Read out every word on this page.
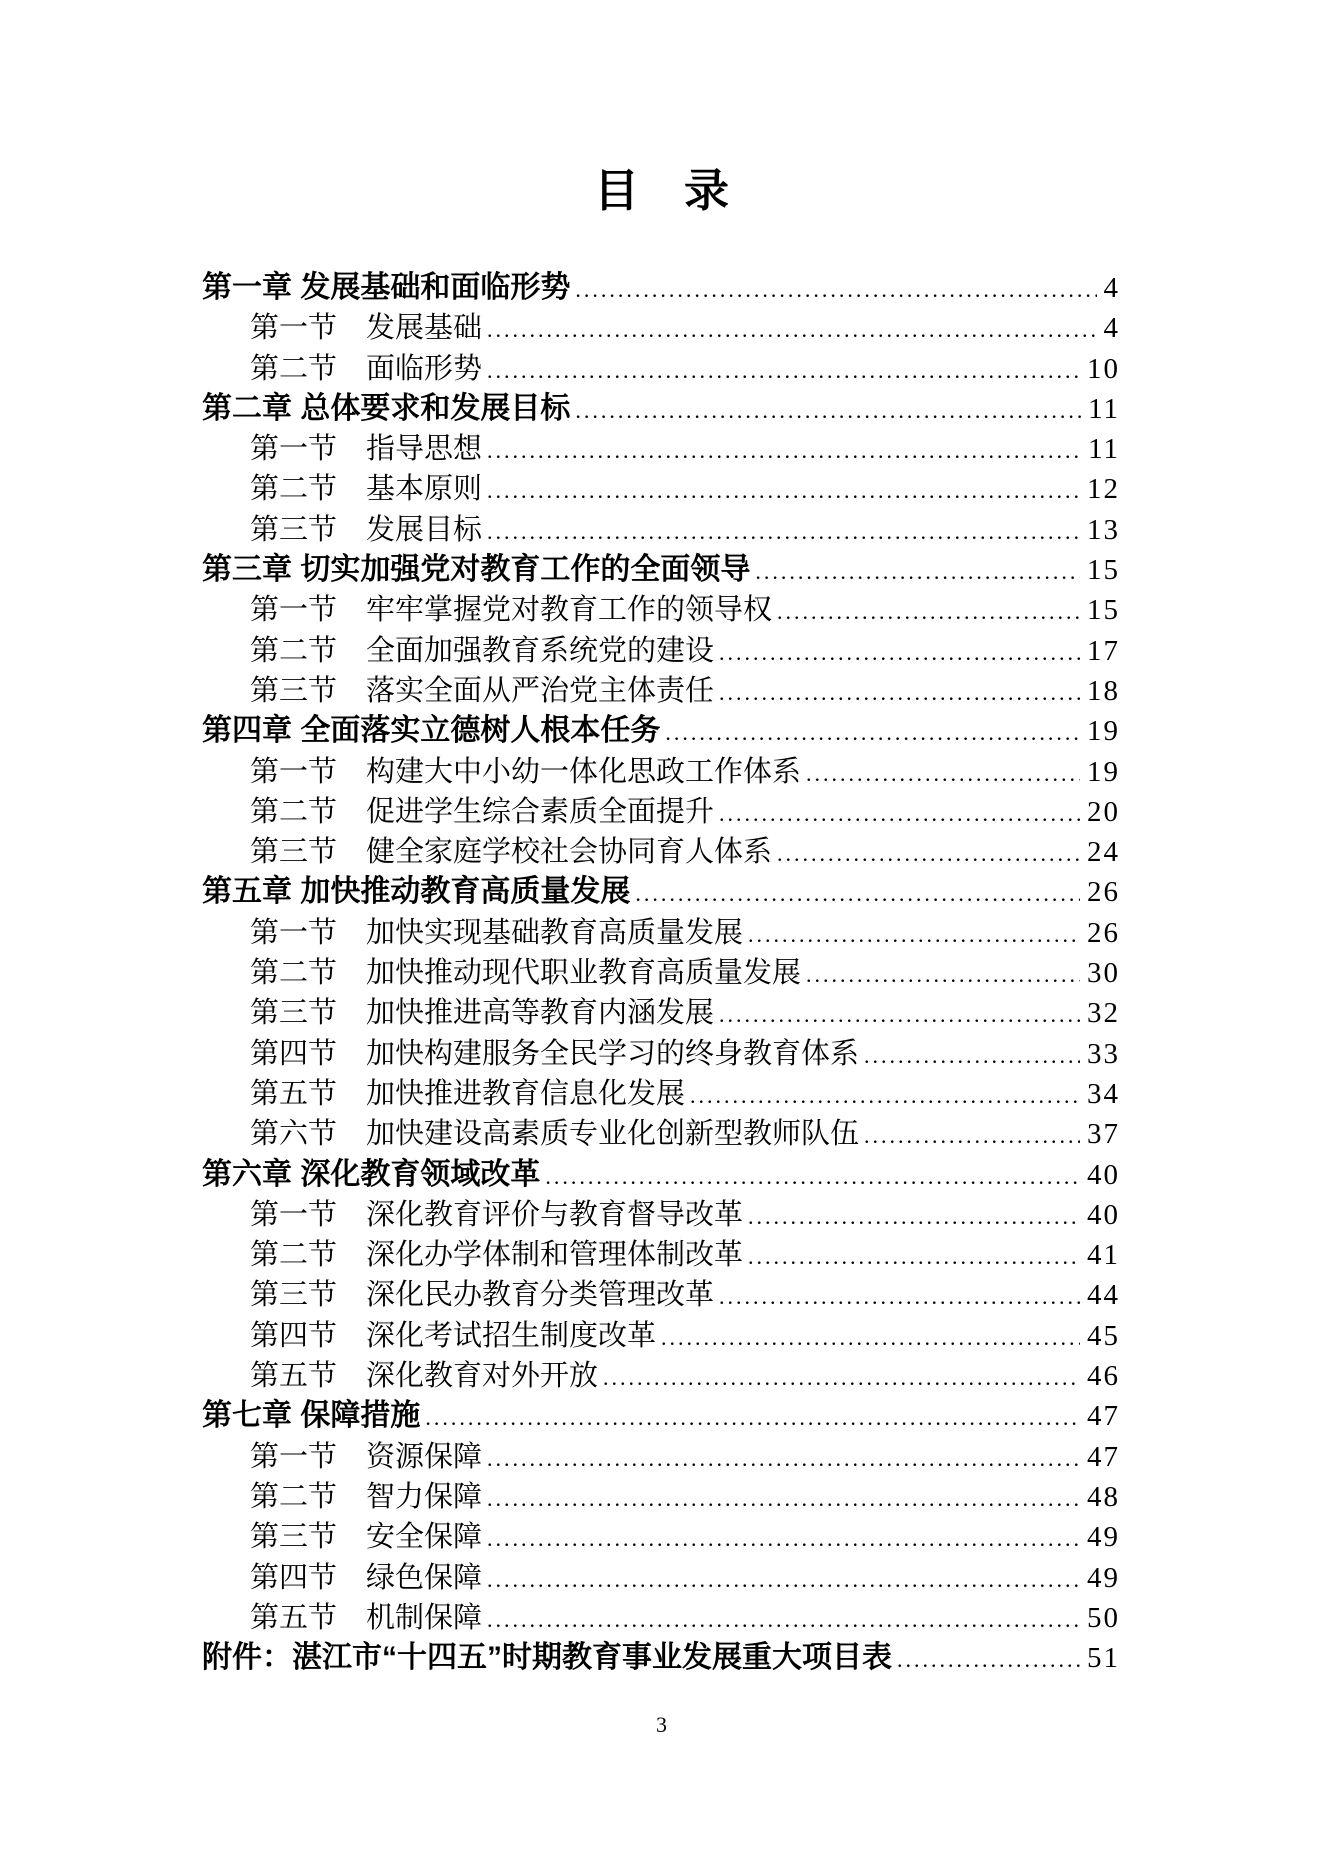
目　录
第一章 发展基础和面临形势 .....	4
第一节　发展基础 .....	4
第二节　面临形势 .....	10
第二章 总体要求和发展目标 .....	11
第一节　指导思想 .....	11
第二节　基本原则 .....	12
第三节　发展目标 .....	13
第三章 切实加强党对教育工作的全面领导 .....	15
第一节　牢牢掌握党对教育工作的领导权 .....	15
第二节　全面加强教育系统党的建设 .....	17
第三节　落实全面从严治党主体责任 .....	18
第四章 全面落实立德树人根本任务 .....	19
第一节　构建大中小幼一体化思政工作体系 .....	19
第二节　促进学生综合素质全面提升 .....	20
第三节　健全家庭学校社会协同育人体系 .....	24
第五章 加快推动教育高质量发展 .....	26
第一节　加快实现基础教育高质量发展 .....	26
第二节　加快推动现代职业教育高质量发展 .....	30
第三节　加快推进高等教育内涵发展 .....	32
第四节　加快构建服务全民学习的终身教育体系 .....	33
第五节　加快推进教育信息化发展 .....	34
第六节　加快建设高素质专业化创新型教师队伍 .....	37
第六章 深化教育领域改革 .....	40
第一节　深化教育评价与教育督导改革 .....	40
第二节　深化办学体制和管理体制改革 .....	41
第三节　深化民办教育分类管理改革 .....	44
第四节　深化考试招生制度改革 .....	45
第五节　深化教育对外开放 .....	46
第七章 保障措施 .....	47
第一节　资源保障 .....	47
第二节　智力保障 .....	48
第三节　安全保障 .....	49
第四节　绿色保障 .....	49
第五节　机制保障 .....	50
附件：湛江市“十四五”时期教育事业发展重大项目表 .....	51
3
